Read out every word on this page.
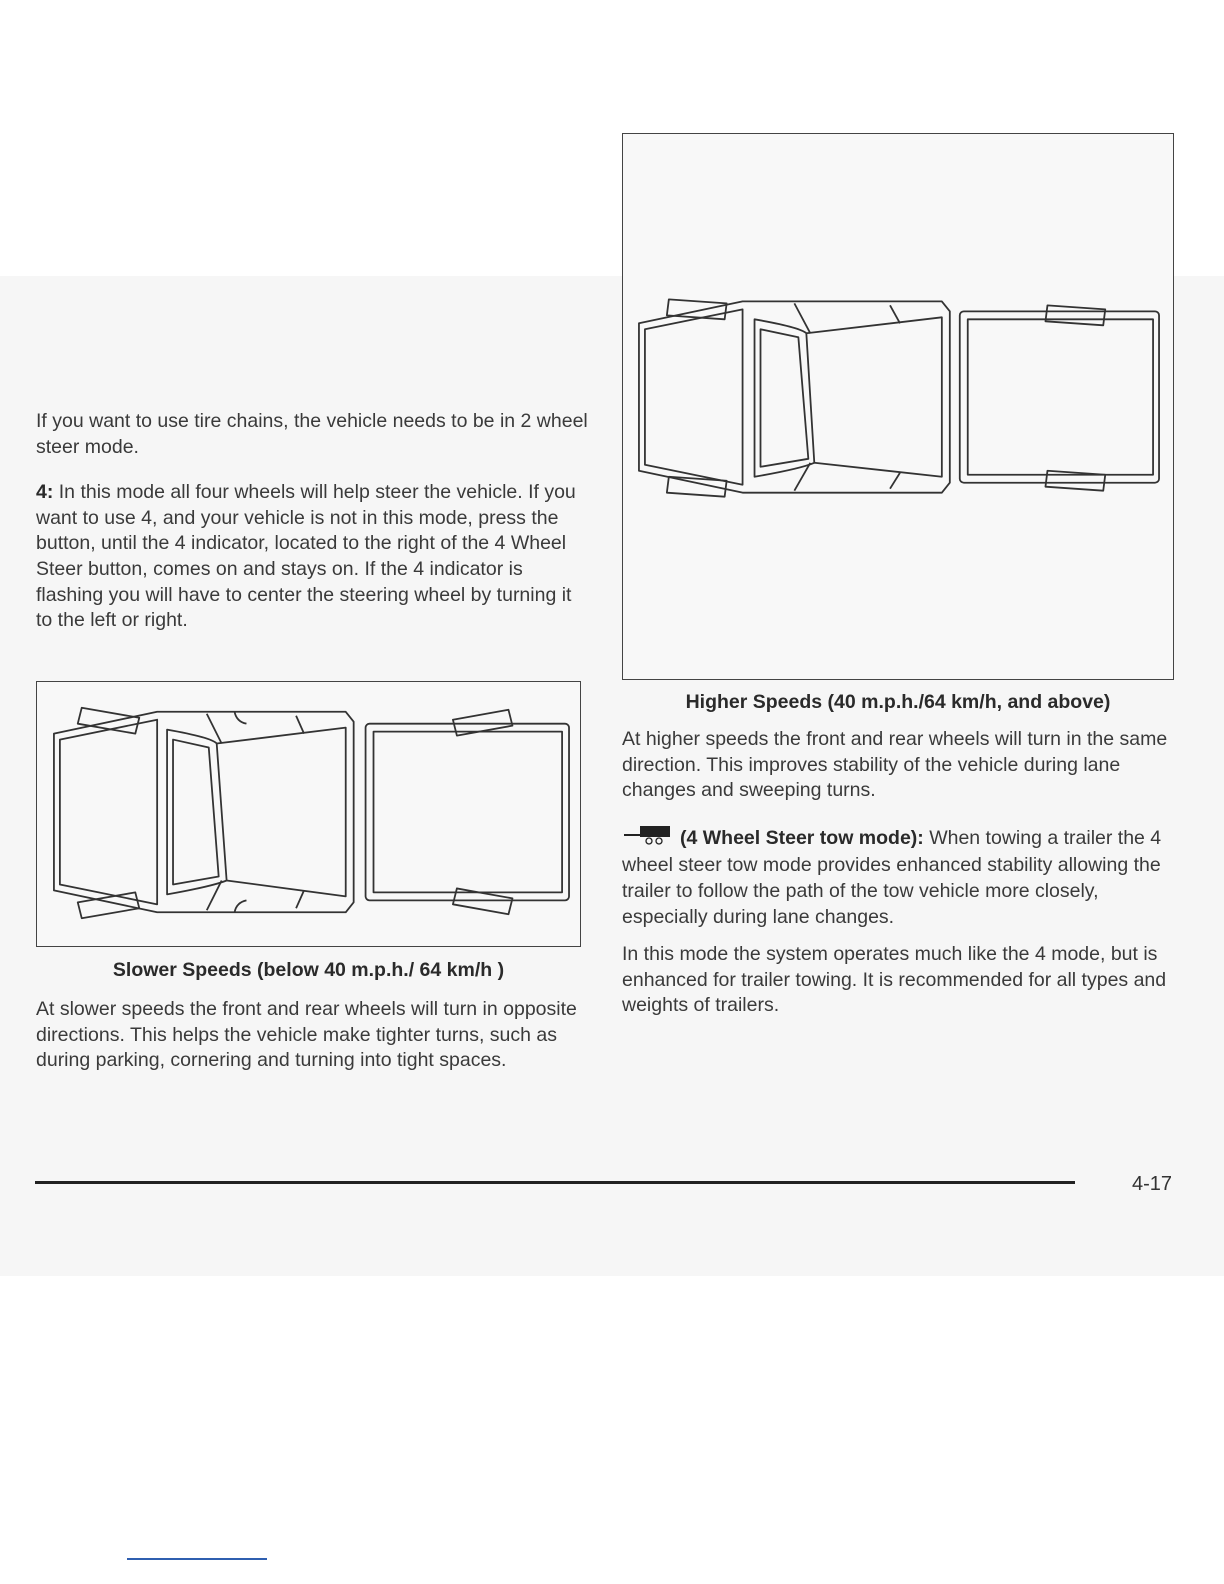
If you want to use tire chains, the vehicle needs to be in 2 wheel steer mode.

4: In this mode all four wheels will help steer the vehicle. If you want to use 4, and your vehicle is not in this mode, press the button, until the 4 indicator, located to the right of the 4 Wheel Steer button, comes on and stays on. If the 4 indicator is flashing you will have to center the steering wheel by turning it to the left or right.

Slower Speeds (below 40 m.p.h./ 64 km/h )

At slower speeds the front and rear wheels will turn in opposite directions. This helps the vehicle make tighter turns, such as during parking, cornering and turning into tight spaces.

Higher Speeds (40 m.p.h./64 km/h, and above)

At higher speeds the front and rear wheels will turn in the same direction. This improves stability of the vehicle during lane changes and sweeping turns.

(4 Wheel Steer tow mode): When towing a trailer the 4 wheel steer tow mode provides enhanced stability allowing the trailer to follow the path of the tow vehicle more closely, especially during lane changes.

In this mode the system operates much like the 4 mode, but is enhanced for trailer towing. It is recommended for all types and weights of trailers.

4-17
